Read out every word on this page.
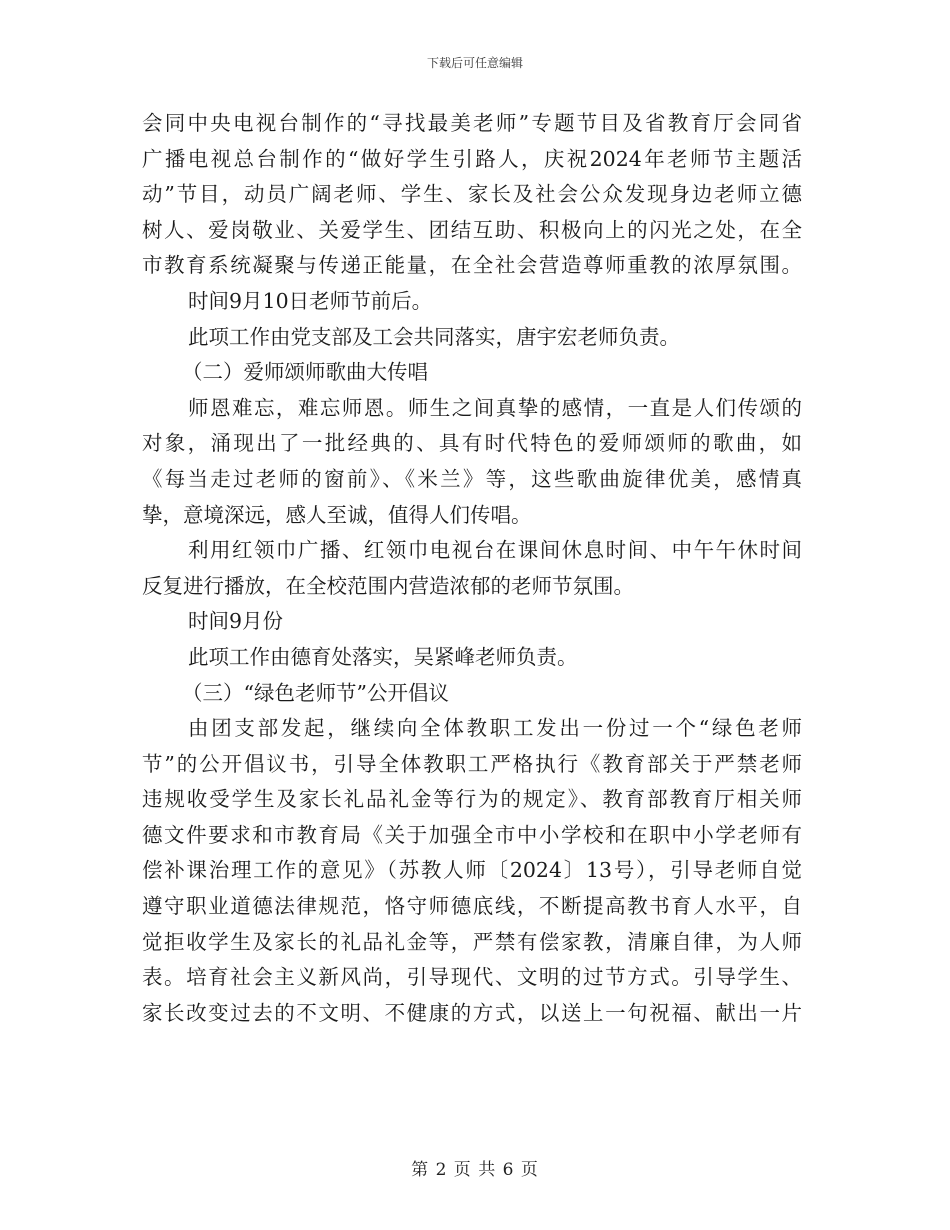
下载后可任意编辑
会同中央电视台制作的“寻找最美老师”专题节目及省教育厅会同省
广播电视总台制作的“做好学生引路人，庆祝2024年老师节主题活
动”节目，动员广阔老师、学生、家长及社会公众发现身边老师立德
树人、爱岗敬业、关爱学生、团结互助、积极向上的闪光之处，在全
市教育系统凝聚与传递正能量，在全社会营造尊师重教的浓厚氛围。
时间9月10日老师节前后。
此项工作由党支部及工会共同落实，唐宇宏老师负责。
（二）爱师颂师歌曲大传唱
师恩难忘，难忘师恩。师生之间真挚的感情，一直是人们传颂的
对象，涌现出了一批经典的、具有时代特色的爱师颂师的歌曲，如
《每当走过老师的窗前》、《米兰》等，这些歌曲旋律优美，感情真
挚，意境深远，感人至诚，值得人们传唱。
利用红领巾广播、红领巾电视台在课间休息时间、中午午休时间
反复进行播放，在全校范围内营造浓郁的老师节氛围。
时间9月份
此项工作由德育处落实，吴紧峰老师负责。
（三）“绿色老师节”公开倡议
由团支部发起，继续向全体教职工发出一份过一个“绿色老师
节”的公开倡议书，引导全体教职工严格执行《教育部关于严禁老师
违规收受学生及家长礼品礼金等行为的规定》、教育部教育厅相关师
德文件要求和市教育局《关于加强全市中小学校和在职中小学老师有
偿补课治理工作的意见》（苏教人师〔2024〕13号），引导老师自觉
遵守职业道德法律规范，恪守师德底线，不断提高教书育人水平，自
觉拒收学生及家长的礼品礼金等，严禁有偿家教，清廉自律，为人师
表。培育社会主义新风尚，引导现代、文明的过节方式。引导学生、
家长改变过去的不文明、不健康的方式，以送上一句祝福、献出一片
第 2 页 共 6 页
